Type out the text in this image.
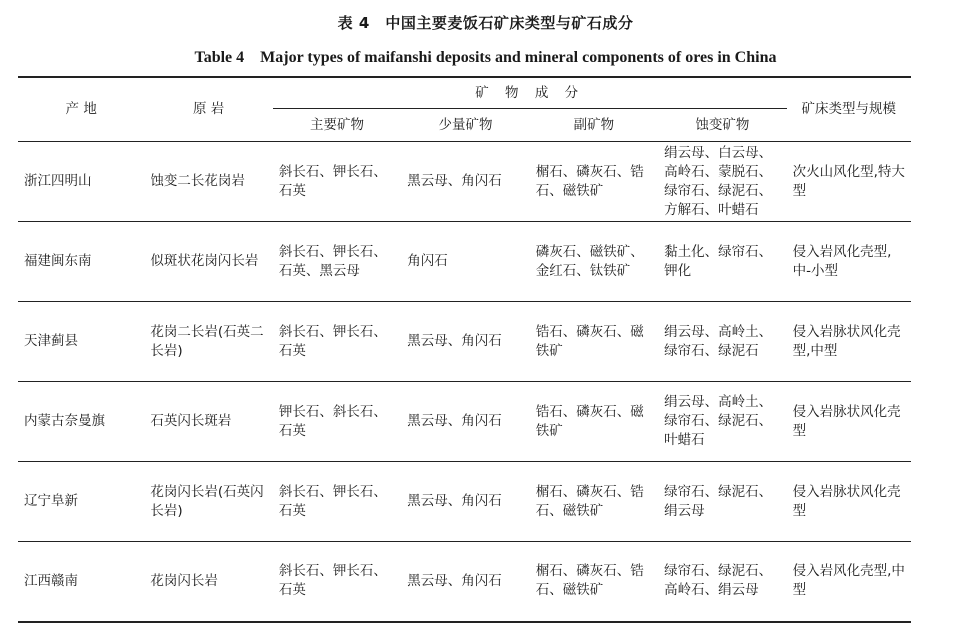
表 4　中国主要麦饭石矿床类型与矿石成分
Table 4　Major types of maifanshi deposits and mineral components of ores in China
产 地	原 岩	矿 物 成 分				矿床类型与规模
		主要矿物	少量矿物	副矿物	蚀变矿物	
浙江四明山	蚀变二长花岗岩	斜长石、钾长石、石英	黑云母、角闪石	榍石、磷灰石、锆石、磁铁矿	绢云母、白云母、高岭石、蒙脱石、绿帘石、绿泥石、方解石、叶蜡石	次火山风化型,特大型
福建闽东南	似斑状花岗闪长岩	斜长石、钾长石、石英、黑云母	角闪石	磷灰石、磁铁矿、金红石、钛铁矿	黏土化、绿帘石、钾化	侵入岩风化壳型,中-小型
天津蓟县	花岗二长岩(石英二长岩)	斜长石、钾长石、石英	黑云母、角闪石	锆石、磷灰石、磁铁矿	绢云母、高岭土、绿帘石、绿泥石	侵入岩脉状风化壳型,中型
内蒙古奈曼旗	石英闪长斑岩	钾长石、斜长石、石英	黑云母、角闪石	锆石、磷灰石、磁铁矿	绢云母、高岭土、绿帘石、绿泥石、叶蜡石	侵入岩脉状风化壳型
辽宁阜新	花岗闪长岩(石英闪长岩)	斜长石、钾长石、石英	黑云母、角闪石	榍石、磷灰石、锆石、磁铁矿	绿帘石、绿泥石、绢云母	侵入岩脉状风化壳型
江西赣南	花岗闪长岩	斜长石、钾长石、石英	黑云母、角闪石	榍石、磷灰石、锆石、磁铁矿	绿帘石、绿泥石、高岭石、绢云母	侵入岩风化壳型,中型
